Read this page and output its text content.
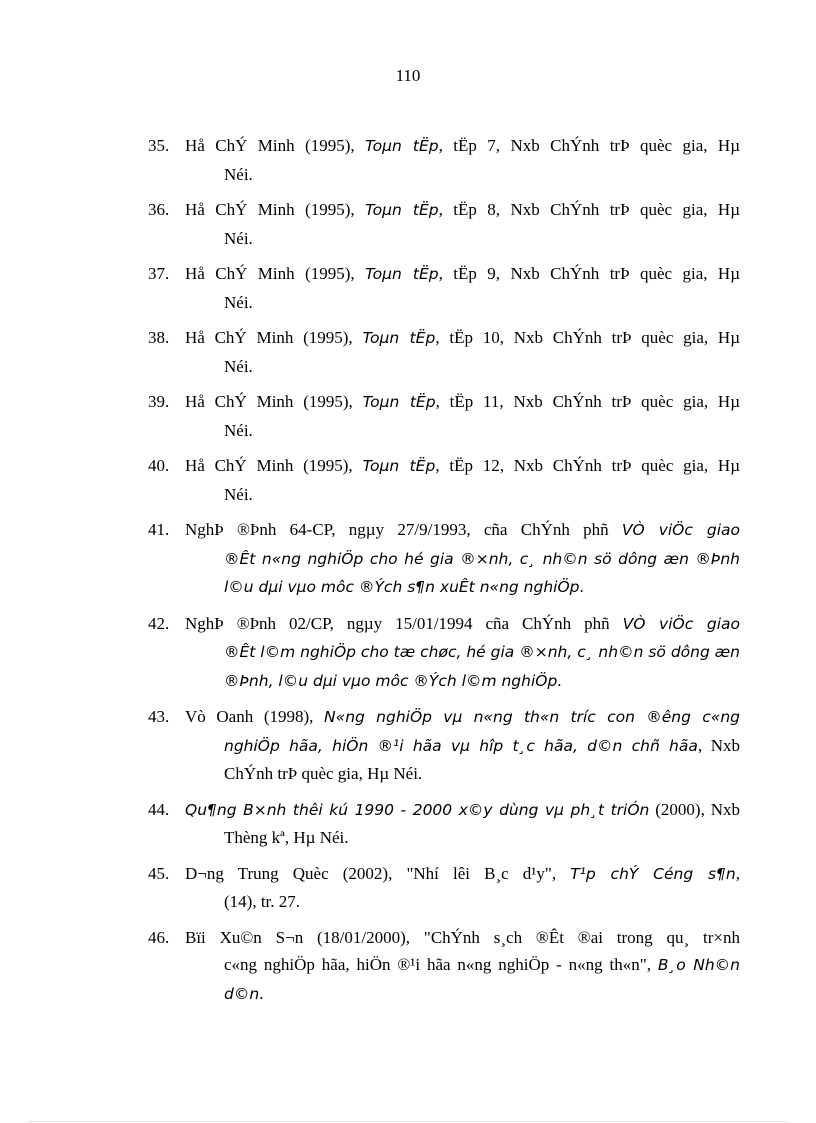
110
35. Hå ChÝ Minh (1995), Toµn tËp, tËp 7, Nxb ChÝnh trÞ quèc gia, Hµ
Néi.
36. Hå ChÝ Minh (1995), Toµn tËp, tËp 8, Nxb ChÝnh trÞ quèc gia, Hµ
Néi.
37. Hå ChÝ Minh (1995), Toµn tËp, tËp 9, Nxb ChÝnh trÞ quèc gia, Hµ
Néi.
38. Hå ChÝ Minh (1995), Toµn tËp, tËp 10, Nxb ChÝnh trÞ quèc gia, Hµ
Néi.
39. Hå ChÝ Minh (1995), Toµn tËp, tËp 11, Nxb ChÝnh trÞ quèc gia, Hµ
Néi.
40. Hå ChÝ Minh (1995), Toµn tËp, tËp 12, Nxb ChÝnh trÞ quèc gia, Hµ
Néi.
41. NghÞ ®Þnh 64-CP, ngµy 27/9/1993, cña ChÝnh phñ VÒ viÖc giao
®Êt n«ng nghiÖp cho hé gia ®×nh, c¸ nh©n sö dông æn ®Þnh l©u dµi vµo môc ®Ých s¶n xuÊt n«ng nghiÖp.
42. NghÞ ®Þnh 02/CP, ngµy 15/01/1994 cña ChÝnh phñ VÒ viÖc giao
®Êt l©m nghiÖp cho tæ chøc, hé gia ®×nh, c¸ nh©n sö dông æn ®Þnh, l©u dµi vµo môc ®Ých l©m nghiÖp.
43. Vò Oanh (1998), N«ng nghiÖp vµ n«ng th«n tríc con ®êng c«ng
nghiÖp hãa, hiÖn ®¹i hãa vµ hîp t¸c hãa, d©n chñ hãa, Nxb ChÝnh trÞ quèc gia, Hµ Néi.
44. Qu¶ng B×nh thêi kú 1990 - 2000 x©y dùng vµ ph¸t triÓn (2000), Nxb
Thèng kª, Hµ Néi.
45. D¬ng Trung Quèc (2002), "Nhí lêi B¸c d¹y", T¹p chÝ Céng s¶n,
(14), tr. 27.
46. Bïi Xu©n S¬n (18/01/2000), "ChÝnh s¸ch ®Êt ®ai trong qu¸ tr×nh
c«ng nghiÖp hãa, hiÖn ®¹i hãa n«ng nghiÖp - n«ng th«n", B¸o Nh©n d©n.
